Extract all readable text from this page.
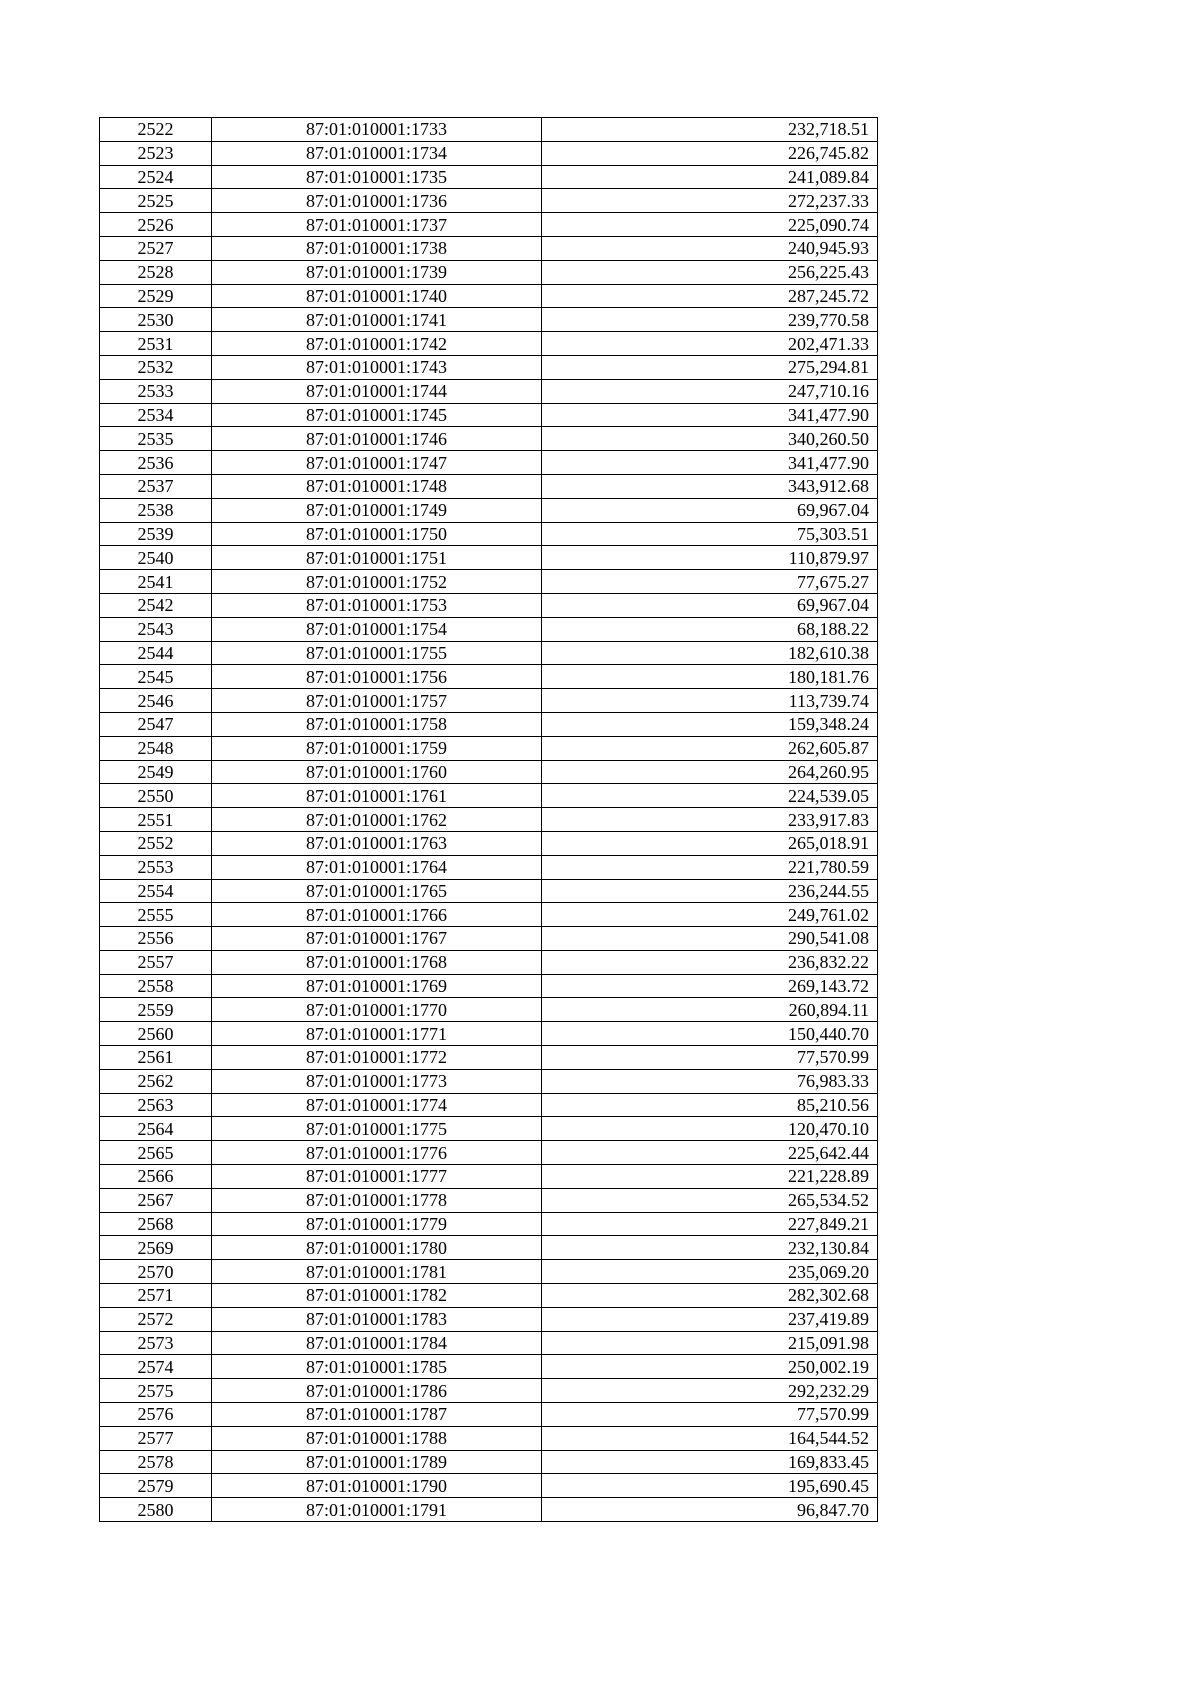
2522	87:01:010001:1733	232,718.51
2523	87:01:010001:1734	226,745.82
2524	87:01:010001:1735	241,089.84
2525	87:01:010001:1736	272,237.33
2526	87:01:010001:1737	225,090.74
2527	87:01:010001:1738	240,945.93
2528	87:01:010001:1739	256,225.43
2529	87:01:010001:1740	287,245.72
2530	87:01:010001:1741	239,770.58
2531	87:01:010001:1742	202,471.33
2532	87:01:010001:1743	275,294.81
2533	87:01:010001:1744	247,710.16
2534	87:01:010001:1745	341,477.90
2535	87:01:010001:1746	340,260.50
2536	87:01:010001:1747	341,477.90
2537	87:01:010001:1748	343,912.68
2538	87:01:010001:1749	69,967.04
2539	87:01:010001:1750	75,303.51
2540	87:01:010001:1751	110,879.97
2541	87:01:010001:1752	77,675.27
2542	87:01:010001:1753	69,967.04
2543	87:01:010001:1754	68,188.22
2544	87:01:010001:1755	182,610.38
2545	87:01:010001:1756	180,181.76
2546	87:01:010001:1757	113,739.74
2547	87:01:010001:1758	159,348.24
2548	87:01:010001:1759	262,605.87
2549	87:01:010001:1760	264,260.95
2550	87:01:010001:1761	224,539.05
2551	87:01:010001:1762	233,917.83
2552	87:01:010001:1763	265,018.91
2553	87:01:010001:1764	221,780.59
2554	87:01:010001:1765	236,244.55
2555	87:01:010001:1766	249,761.02
2556	87:01:010001:1767	290,541.08
2557	87:01:010001:1768	236,832.22
2558	87:01:010001:1769	269,143.72
2559	87:01:010001:1770	260,894.11
2560	87:01:010001:1771	150,440.70
2561	87:01:010001:1772	77,570.99
2562	87:01:010001:1773	76,983.33
2563	87:01:010001:1774	85,210.56
2564	87:01:010001:1775	120,470.10
2565	87:01:010001:1776	225,642.44
2566	87:01:010001:1777	221,228.89
2567	87:01:010001:1778	265,534.52
2568	87:01:010001:1779	227,849.21
2569	87:01:010001:1780	232,130.84
2570	87:01:010001:1781	235,069.20
2571	87:01:010001:1782	282,302.68
2572	87:01:010001:1783	237,419.89
2573	87:01:010001:1784	215,091.98
2574	87:01:010001:1785	250,002.19
2575	87:01:010001:1786	292,232.29
2576	87:01:010001:1787	77,570.99
2577	87:01:010001:1788	164,544.52
2578	87:01:010001:1789	169,833.45
2579	87:01:010001:1790	195,690.45
2580	87:01:010001:1791	96,847.70
